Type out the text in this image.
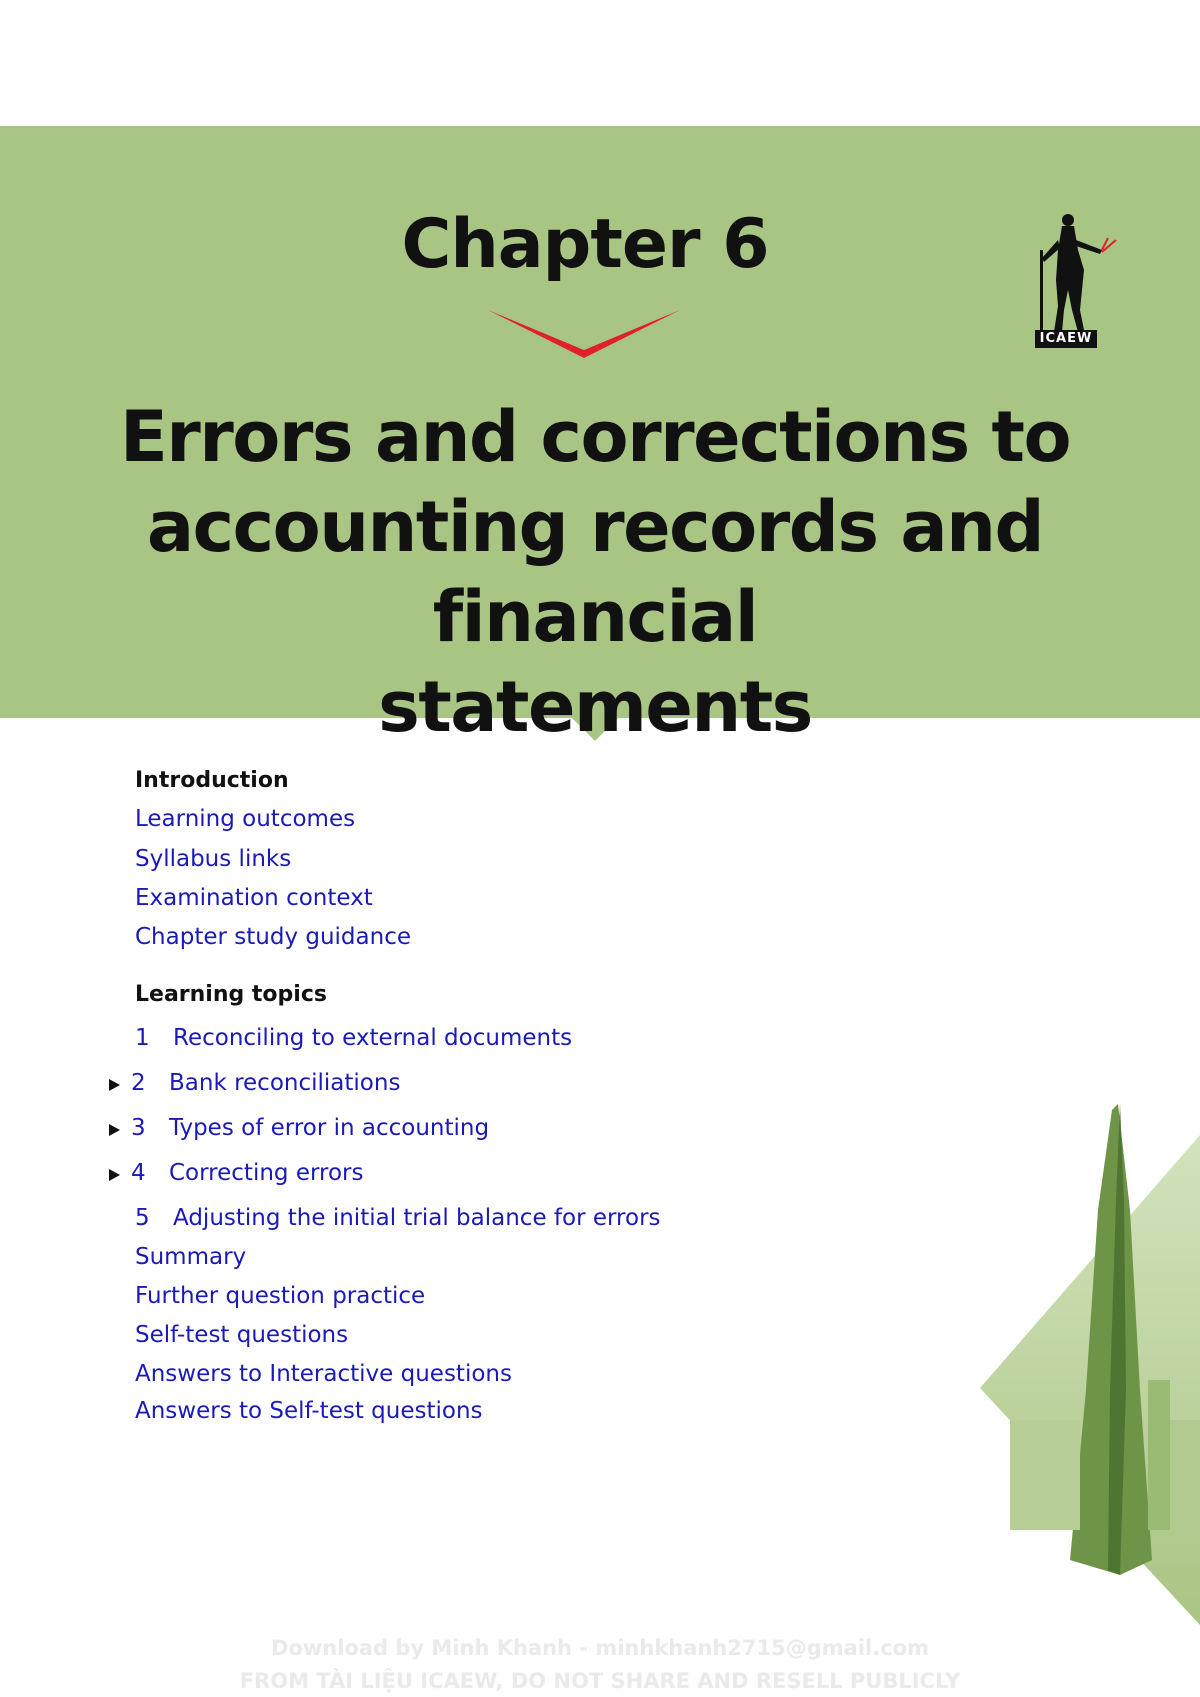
Chapter 6
Errors and corrections to
accounting records and financial
statements
ICAEW
Introduction
Learning outcomes
Syllabus links
Examination context
Chapter study guidance
Learning topics
1 Reconciling to external documents
2 Bank reconciliations
3 Types of error in accounting
4 Correcting errors
5 Adjusting the initial trial balance for errors
Summary
Further question practice
Self-test questions
Answers to Interactive questions
Answers to Self-test questions
Download by Minh Khanh - minhkhanh2715@gmail.com
FROM TÀI LIỆU ICAEW, DO NOT SHARE AND RESELL PUBLICLY
